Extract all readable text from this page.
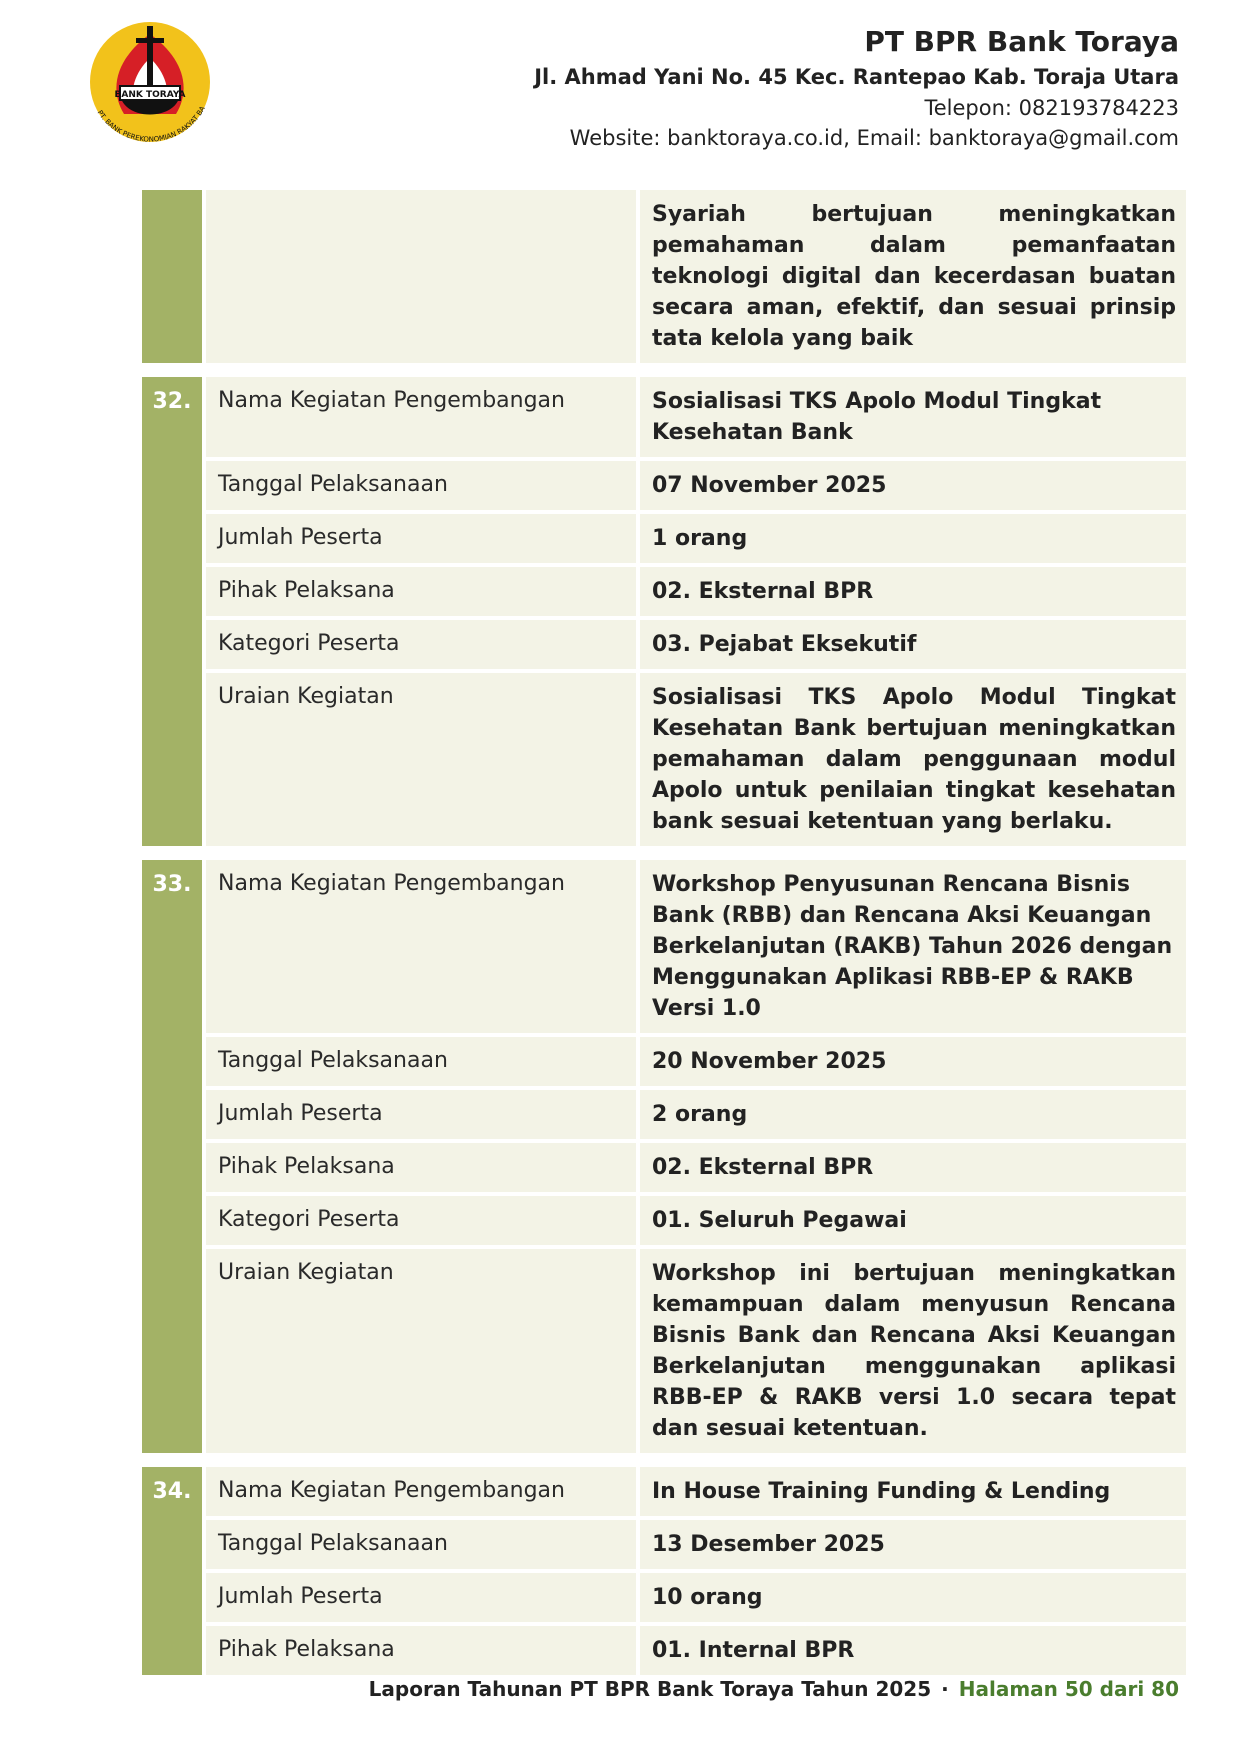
BANK TORAYA
PT. BANK PEREKONOMIAN RAKYAT BA
PT BPR Bank Toraya
Jl. Ahmad Yani No. 45 Kec. Rantepao Kab. Toraja Utara
Telepon: 082193784223
Website: banktoraya.co.id, Email: banktoraya@gmail.com
Syariah bertujuan meningkatkan pemahaman dalam pemanfaatan teknologi digital dan kecerdasan buatan secara aman, efektif, dan sesuai prinsip tata kelola yang baik
32.	Nama Kegiatan Pengembangan	Sosialisasi TKS Apolo Modul Tingkat Kesehatan Bank
Tanggal Pelaksanaan	07 November 2025
Jumlah Peserta	1 orang
Pihak Pelaksana	02. Eksternal BPR
Kategori Peserta	03. Pejabat Eksekutif
Uraian Kegiatan	Sosialisasi TKS Apolo Modul Tingkat Kesehatan Bank bertujuan meningkatkan pemahaman dalam penggunaan modul Apolo untuk penilaian tingkat kesehatan bank sesuai ketentuan yang berlaku.
33.	Nama Kegiatan Pengembangan	Workshop Penyusunan Rencana Bisnis Bank (RBB) dan Rencana Aksi Keuangan Berkelanjutan (RAKB) Tahun 2026 dengan Menggunakan Aplikasi RBB-EP & RAKB Versi 1.0
Tanggal Pelaksanaan	20 November 2025
Jumlah Peserta	2 orang
Pihak Pelaksana	02. Eksternal BPR
Kategori Peserta	01. Seluruh Pegawai
Uraian Kegiatan	Workshop ini bertujuan meningkatkan kemampuan dalam menyusun Rencana Bisnis Bank dan Rencana Aksi Keuangan Berkelanjutan menggunakan aplikasi RBB-EP & RAKB versi 1.0 secara tepat dan sesuai ketentuan.
34.	Nama Kegiatan Pengembangan	In House Training Funding & Lending
Tanggal Pelaksanaan	13 Desember 2025
Jumlah Peserta	10 orang
Pihak Pelaksana	01. Internal BPR
Laporan Tahunan PT BPR Bank Toraya Tahun 2025 · Halaman 50 dari 80
